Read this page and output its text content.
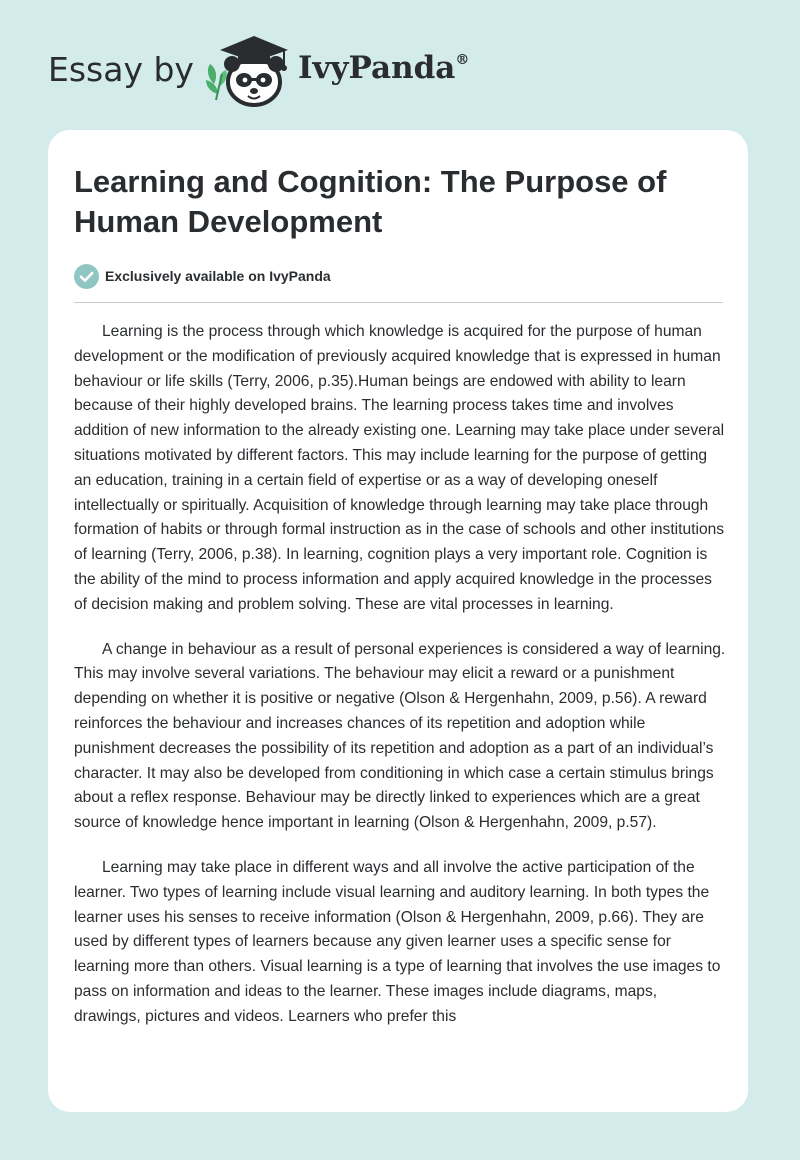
Essay by	IvyPanda®
Learning and Cognition: The Purpose of Human Development
Exclusively available on IvyPanda

Learning is the process through which knowledge is acquired for the purpose of human development or the modification of previously acquired knowledge that is expressed in human behaviour or life skills (Terry, 2006, p.35).Human beings are endowed with ability to learn because of their highly developed brains. The learning process takes time and involves addition of new information to the already existing one. Learning may take place under several situations motivated by different factors. This may include learning for the purpose of getting an education, training in a certain field of expertise or as a way of developing oneself intellectually or spiritually. Acquisition of knowledge through learning may take place through formation of habits or through formal instruction as in the case of schools and other institutions of learning (Terry, 2006, p.38). In learning, cognition plays a very important role. Cognition is the ability of the mind to process information and apply acquired knowledge in the processes of decision making and problem solving. These are vital processes in learning.

A change in behaviour as a result of personal experiences is considered a way of learning. This may involve several variations. The behaviour may elicit a reward or a punishment depending on whether it is positive or negative (Olson & Hergenhahn, 2009, p.56). A reward reinforces the behaviour and increases chances of its repetition and adoption while punishment decreases the possibility of its repetition and adoption as a part of an individual’s character. It may also be developed from conditioning in which case a certain stimulus brings about a reflex response. Behaviour may be directly linked to experiences which are a great source of knowledge hence important in learning (Olson & Hergenhahn, 2009, p.57).

Learning may take place in different ways and all involve the active participation of the learner. Two types of learning include visual learning and auditory learning. In both types the learner uses his senses to receive information (Olson & Hergenhahn, 2009, p.66). They are used by different types of learners because any given learner uses a specific sense for learning more than others. Visual learning is a type of learning that involves the use images to pass on information and ideas to the learner. These images include diagrams, maps, drawings, pictures and videos. Learners who prefer this
